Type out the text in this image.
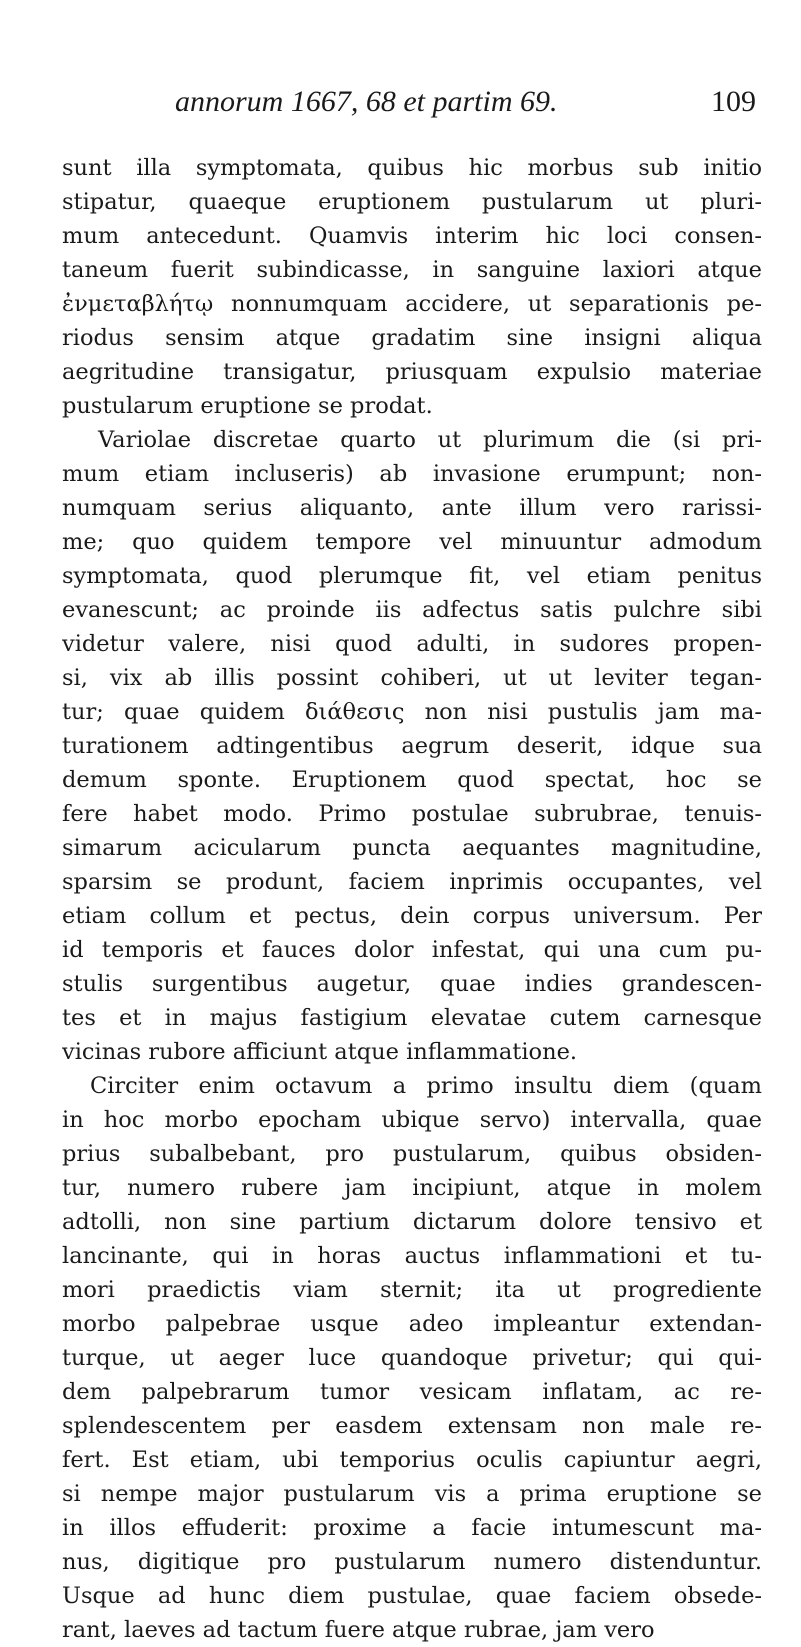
annorum 1667, 68 et partim 69.	109
sunt illa symptomata, quibus hic morbus sub initio
stipatur, quaeque eruptionem pustularum ut pluri-
mum antecedunt. Quamvis interim hic loci consen-
taneum fuerit subindicasse, in sanguine laxiori atque
ἐνμεταβλήτῳ nonnumquam accidere, ut separationis pe-
riodus sensim atque gradatim sine insigni aliqua
aegritudine transigatur, priusquam expulsio materiae
pustularum eruptione se prodat.
Variolae discretae quarto ut plurimum die (si pri-
mum etiam incluseris) ab invasione erumpunt; non-
numquam serius aliquanto, ante illum vero rarissi-
me; quo quidem tempore vel minuuntur admodum
symptomata, quod plerumque fit, vel etiam penitus
evanescunt; ac proinde iis adfectus satis pulchre sibi
videtur valere, nisi quod adulti, in sudores propen-
si, vix ab illis possint cohiberi, ut ut leviter tegan-
tur; quae quidem διάθεσις non nisi pustulis jam ma-
turationem adtingentibus aegrum deserit, idque sua
demum sponte. Eruptionem quod spectat, hoc se
fere habet modo. Primo postulae subrubrae, tenuis-
simarum acicularum puncta aequantes magnitudine,
sparsim se produnt, faciem inprimis occupantes, vel
etiam collum et pectus, dein corpus universum. Per
id temporis et fauces dolor infestat, qui una cum pu-
stulis surgentibus augetur, quae indies grandescen-
tes et in majus fastigium elevatae cutem carnesque
vicinas rubore afficiunt atque inflammatione.
Circiter enim octavum a primo insultu diem (quam
in hoc morbo epocham ubique servo) intervalla, quae
prius subalbebant, pro pustularum, quibus obsiden-
tur, numero rubere jam incipiunt, atque in molem
adtolli, non sine partium dictarum dolore tensivo et
lancinante, qui in horas auctus inflammationi et tu-
mori praedictis viam sternit; ita ut progrediente
morbo palpebrae usque adeo impleantur extendan-
turque, ut aeger luce quandoque privetur; qui qui-
dem palpebrarum tumor vesicam inflatam, ac re-
splendescentem per easdem extensam non male re-
fert. Est etiam, ubi temporius oculis capiuntur aegri,
si nempe major pustularum vis a prima eruptione se
in illos effuderit: proxime a facie intumescunt ma-
nus, digitique pro pustularum numero distenduntur.
Usque ad hunc diem pustulae, quae faciem obsede-
rant, laeves ad tactum fuere atque rubrae, jam vero
